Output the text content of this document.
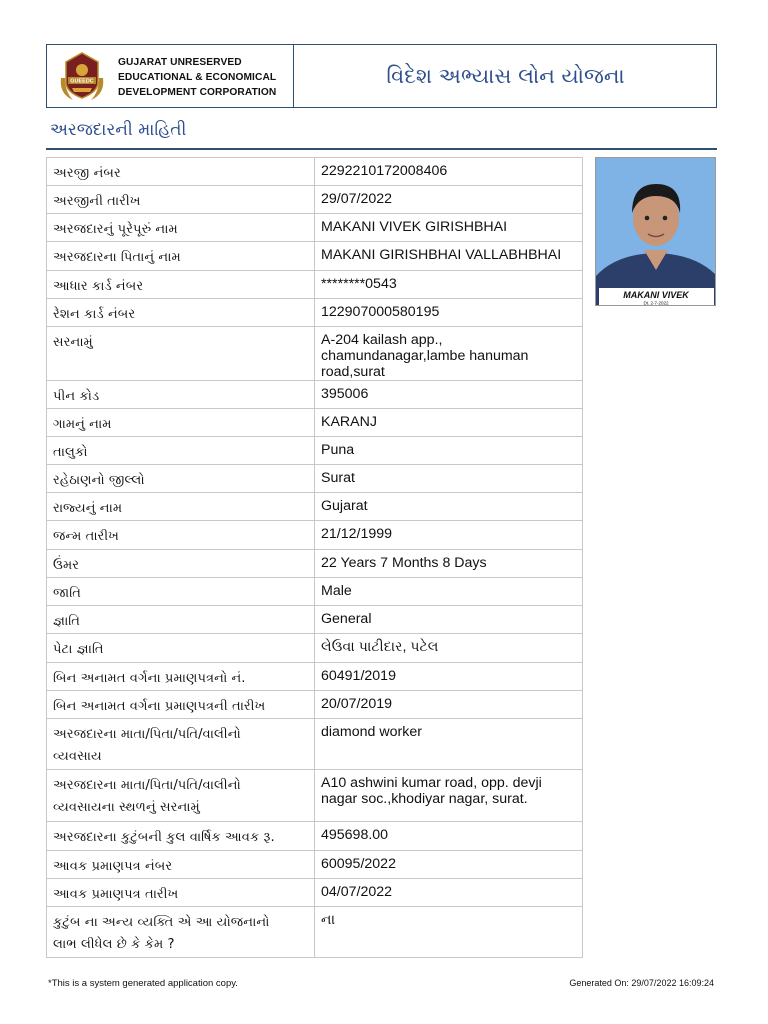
GUEEDC
GUJARAT UNRESERVED
EDUCATIONAL & ECONOMICAL
DEVELOPMENT CORPORATION
વિદેશ અભ્યાસ લોન યોજના
અરજદારની માહિતી
અરજી નંબર	2292210172008406
અરજીની તારીખ	29/07/2022
અરજદારનું પૂરેપૂરું નામ	MAKANI VIVEK GIRISHBHAI
અરજદારના પિતાનું નામ	MAKANI GIRISHBHAI VALLABHBHAI
આધાર કાર્ડ નંબર	********0543
રેશન કાર્ડ નંબર	122907000580195
સરનામું	A-204 kailash app.,
chamundanagar,lambe hanuman
road,surat
પીન કોડ	395006
ગામનું નામ	KARANJ
તાલુકો	Puna
રહેઠાણનો જીલ્લો	Surat
રાજ્યનું નામ	Gujarat
જન્મ તારીખ	21/12/1999
ઉંમર	22 Years 7 Months 8 Days
જાતિ	Male
જ્ઞાતિ	General
પેટા જ્ઞાતિ	લેઉવા પાટીદાર, પટેલ
બિન અનામત વર્ગના પ્રમાણપત્રનો નં.	60491/2019
બિન અનામત વર્ગના પ્રમાણપત્રની તારીખ	20/07/2019
અરજદારના માતા/પિતા/પતિ/વાલીનો
વ્યવસાય	diamond worker
અરજદારના માતા/પિતા/પતિ/વાલીનો
વ્યવસાયના સ્થળનું સરનામું	A10 ashwini kumar road, opp. devji
nagar soc.,khodiyar nagar, surat.
અરજદારના કુટુંબની કુલ વાર્ષિક આવક રૂ.	495698.00
આવક પ્રમાણપત્ર નંબર	60095/2022
આવક પ્રમાણપત્ર તારીખ	04/07/2022
કુટુંબ ના અન્ય વ્યક્તિ એ આ યોજનાનો
લાભ લીધેલ છે કે કેમ ?	ના
MAKANI VIVEK
Dt. 2-7-2022
*This is a system generated application copy.	Generated On: 29/07/2022 16:09:24
